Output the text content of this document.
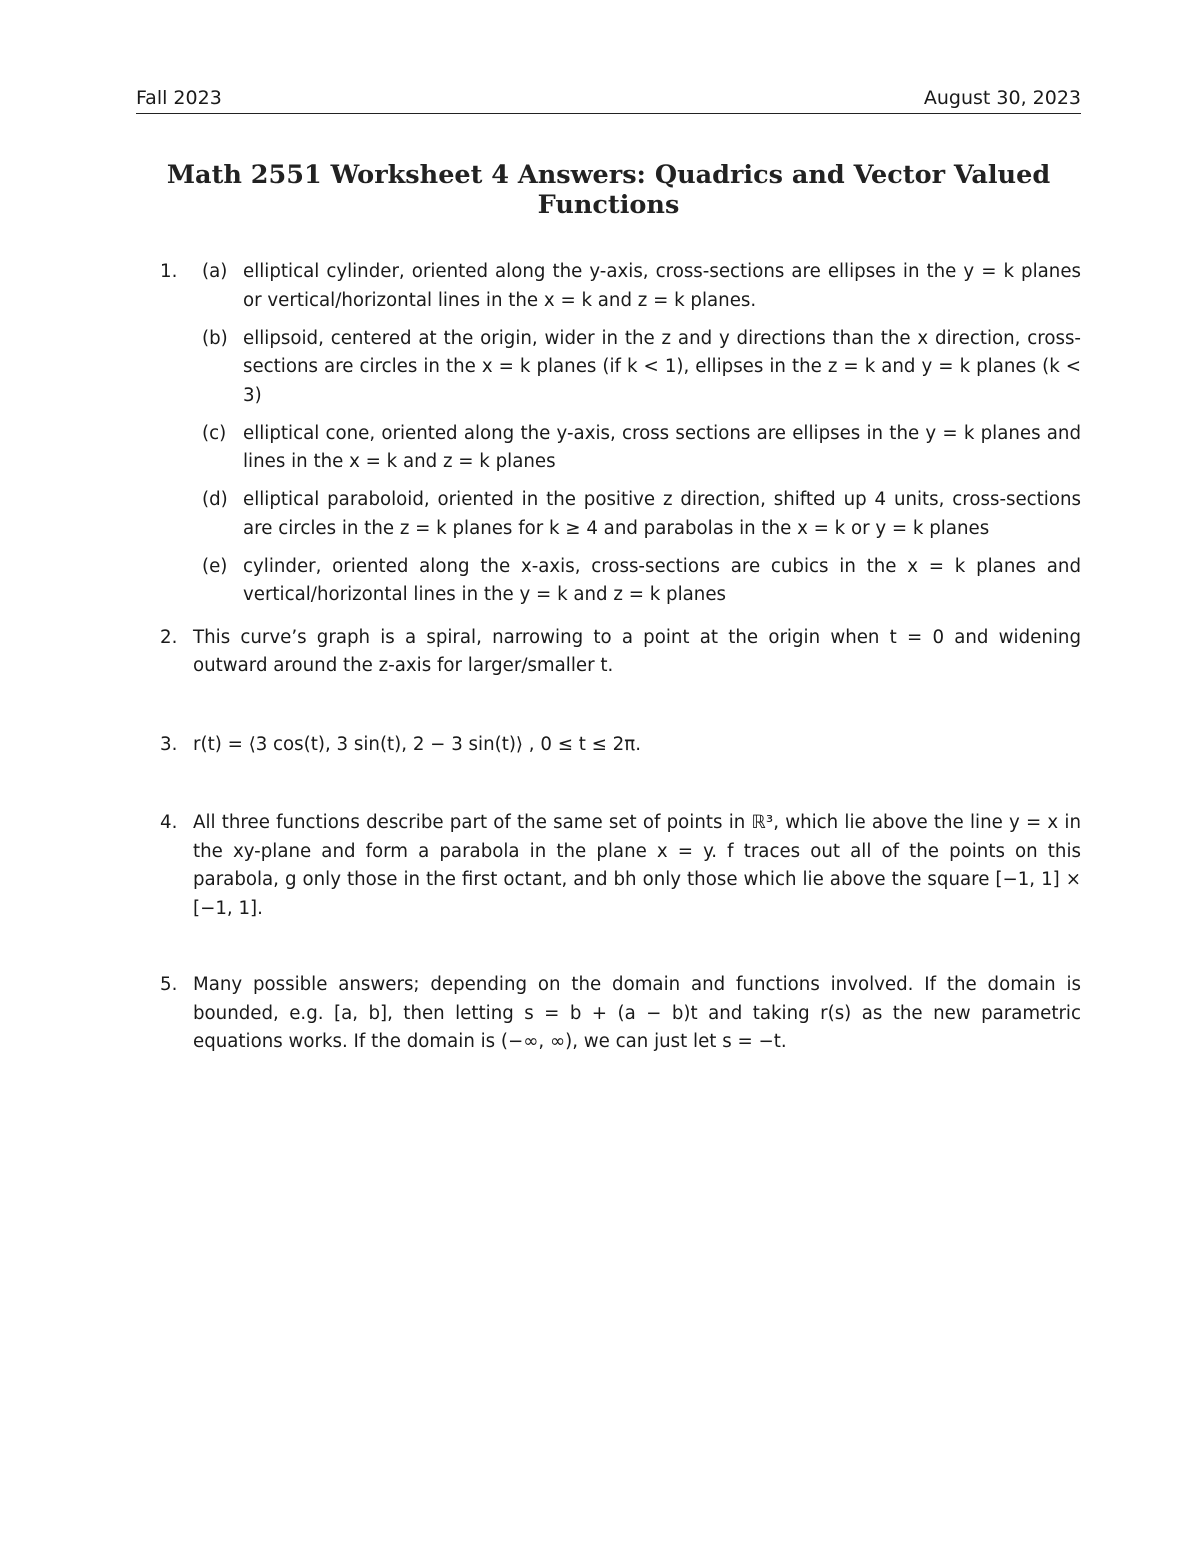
Fall 2023	August 30, 2023
Math 2551 Worksheet 4 Answers: Quadrics and Vector Valued
Functions
1. (a) elliptical cylinder, oriented along the y-axis, cross-sections are ellipses in the y = k planes or vertical/horizontal lines in the x = k and z = k planes.
(b) ellipsoid, centered at the origin, wider in the z and y directions than the x direction, cross-sections are circles in the x = k planes (if k < 1), ellipses in the z = k and y = k planes (k < 3)
(c) elliptical cone, oriented along the y-axis, cross sections are ellipses in the y = k planes and lines in the x = k and z = k planes
(d) elliptical paraboloid, oriented in the positive z direction, shifted up 4 units, cross-sections are circles in the z = k planes for k ≥ 4 and parabolas in the x = k or y = k planes
(e) cylinder, oriented along the x-axis, cross-sections are cubics in the x = k planes and vertical/horizontal lines in the y = k and z = k planes
2. This curve’s graph is a spiral, narrowing to a point at the origin when t = 0 and widening outward around the z-axis for larger/smaller t.
3. r(t) = ⟨3 cos(t), 3 sin(t), 2 − 3 sin(t)⟩ , 0 ≤ t ≤ 2π.
4. All three functions describe part of the same set of points in ℝ³, which lie above the line y = x in the xy-plane and form a parabola in the plane x = y. f traces out all of the points on this parabola, g only those in the first octant, and bh only those which lie above the square [−1, 1] × [−1, 1].
5. Many possible answers; depending on the domain and functions involved. If the domain is bounded, e.g. [a, b], then letting s = b + (a − b)t and taking r(s) as the new parametric equations works. If the domain is (−∞, ∞), we can just let s = −t.
